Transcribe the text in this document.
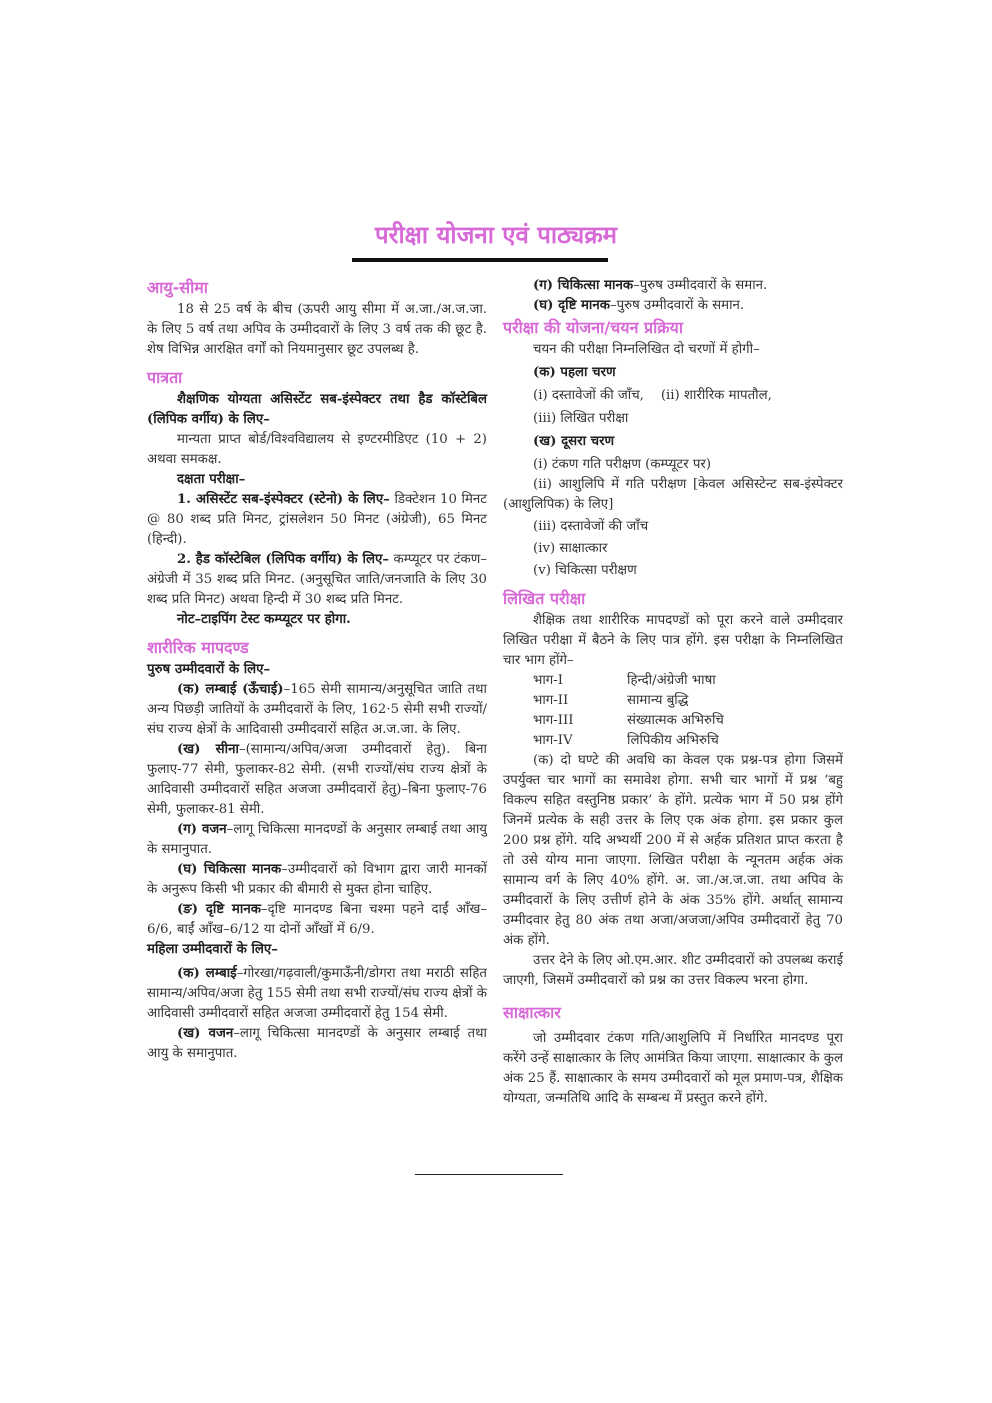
परीक्षा योजना एवं पाठ्यक्रम
आयु-सीमा

18 से 25 वर्ष के बीच (ऊपरी आयु सीमा में अ.जा./अ.ज.जा. के लिए 5 वर्ष तथा अपिव के उम्मीदवारों के लिए 3 वर्ष तक की छूट है. शेष विभिन्न आरक्षित वर्गों को नियमानुसार छूट उपलब्ध है.

पात्रता

शैक्षणिक योग्यता असिस्टेंट सब-इंस्पेक्टर तथा हैड कॉस्टेबिल (लिपिक वर्गीय) के लिए–

मान्यता प्राप्त बोर्ड/विश्वविद्यालय से इण्टरमीडिएट (10 + 2) अथवा समकक्ष.

दक्षता परीक्षा–

1. असिस्टेंट सब-इंस्पेक्टर (स्टेनो) के लिए– डिक्टेशन 10 मिनट @ 80 शब्द प्रति मिनट, ट्रांसलेशन 50 मिनट (अंग्रेजी), 65 मिनट (हिन्दी).

2. हैड कॉस्टेबिल (लिपिक वर्गीय) के लिए– कम्प्यूटर पर टंकण–अंग्रेजी में 35 शब्द प्रति मिनट. (अनुसूचित जाति/जनजाति के लिए 30 शब्द प्रति मिनट) अथवा हिन्दी में 30 शब्द प्रति मिनट.

नोट–टाइपिंग टेस्ट कम्प्यूटर पर होगा.

शारीरिक मापदण्ड

पुरुष उम्मीदवारों के लिए–

(क) लम्बाई (ऊँचाई)–165 सेमी सामान्य/अनुसूचित जाति तथा अन्य पिछड़ी जातियों के उम्मीदवारों के लिए, 162·5 सेमी सभी राज्यों/संघ राज्य क्षेत्रों के आदिवासी उम्मीदवारों सहित अ.ज.जा. के लिए.

(ख) सीना–(सामान्य/अपिव/अजा उम्मीदवारों हेतु). बिना फुलाए-77 सेमी, फुलाकर-82 सेमी. (सभी राज्यों/संघ राज्य क्षेत्रों के आदिवासी उम्मीदवारों सहित अजजा उम्मीदवारों हेतु)–बिना फुलाए-76 सेमी, फुलाकर-81 सेमी.

(ग) वजन–लागू चिकित्सा मानदण्डों के अनुसार लम्बाई तथा आयु के समानुपात.

(घ) चिकित्सा मानक–उम्मीदवारों को विभाग द्वारा जारी मानकों के अनुरूप किसी भी प्रकार की बीमारी से मुक्त होना चाहिए.

(ङ) दृष्टि मानक–दृष्टि मानदण्ड बिना चश्मा पहने दाईं आँख–6/6, बाईं आँख–6/12 या दोनों आँखों में 6/9.

महिला उम्मीदवारों के लिए–

(क) लम्बाई–गोरखा/गढ़वाली/कुमाऊँनी/डोगरा तथा मराठी सहित सामान्य/अपिव/अजा हेतु 155 सेमी तथा सभी राज्यों/संघ राज्य क्षेत्रों के आदिवासी उम्मीदवारों सहित अजजा उम्मीदवारों हेतु 154 सेमी.

(ख) वजन–लागू चिकित्सा मानदण्डों के अनुसार लम्बाई तथा आयु के समानुपात.

(ग) चिकित्सा मानक–पुरुष उम्मीदवारों के समान.

(घ) दृष्टि मानक–पुरुष उम्मीदवारों के समान.

परीक्षा की योजना/चयन प्रक्रिया

चयन की परीक्षा निम्नलिखित दो चरणों में होगी–

(क) पहला चरण

(i) दस्तावेजों की जाँच, (ii) शारीरिक मापतौल,

(iii) लिखित परीक्षा

(ख) दूसरा चरण

(i) टंकण गति परीक्षण (कम्प्यूटर पर)

(ii) आशुलिपि में गति परीक्षण [केवल असिस्टेन्ट सब-इंस्पेक्टर (आशुलिपिक) के लिए]

(iii) दस्तावेजों की जाँच

(iv) साक्षात्कार

(v) चिकित्सा परीक्षण

लिखित परीक्षा

शैक्षिक तथा शारीरिक मापदण्डों को पूरा करने वाले उम्मीदवार लिखित परीक्षा में बैठने के लिए पात्र होंगे. इस परीक्षा के निम्नलिखित चार भाग होंगे–

भाग-I	हिन्दी/अंग्रेजी भाषा
भाग-II	सामान्य बुद्धि
भाग-III	संख्यात्मक अभिरुचि
भाग-IV	लिपिकीय अभिरुचि

(क) दो घण्टे की अवधि का केवल एक प्रश्न-पत्र होगा जिसमें उपर्युक्त चार भागों का समावेश होगा. सभी चार भागों में प्रश्न ‘बहु विकल्प सहित वस्तुनिष्ठ प्रकार’ के होंगे. प्रत्येक भाग में 50 प्रश्न होंगे जिनमें प्रत्येक के सही उत्तर के लिए एक अंक होगा. इस प्रकार कुल 200 प्रश्न होंगे. यदि अभ्यर्थी 200 में से अर्हक प्रतिशत प्राप्त करता है तो उसे योग्य माना जाएगा. लिखित परीक्षा के न्यूनतम अर्हक अंक सामान्य वर्ग के लिए 40% होंगे. अ. जा./अ.ज.जा. तथा अपिव के उम्मीदवारों के लिए उत्तीर्ण होने के अंक 35% होंगे. अर्थात् सामान्य उम्मीदवार हेतु 80 अंक तथा अजा/अजजा/अपिव उम्मीदवारों हेतु 70 अंक होंगे.

उत्तर देने के लिए ओ.एम.आर. शीट उम्मीदवारों को उपलब्ध कराई जाएगी, जिसमें उम्मीदवारों को प्रश्न का उत्तर विकल्प भरना होगा.

साक्षात्कार

जो उम्मीदवार टंकण गति/आशुलिपि में निर्धारित मानदण्ड पूरा करेंगे उन्हें साक्षात्कार के लिए आमंत्रित किया जाएगा. साक्षात्कार के कुल अंक 25 हैं. साक्षात्कार के समय उम्मीदवारों को मूल प्रमाण-पत्र, शैक्षिक योग्यता, जन्मतिथि आदि के सम्बन्ध में प्रस्तुत करने होंगे.
